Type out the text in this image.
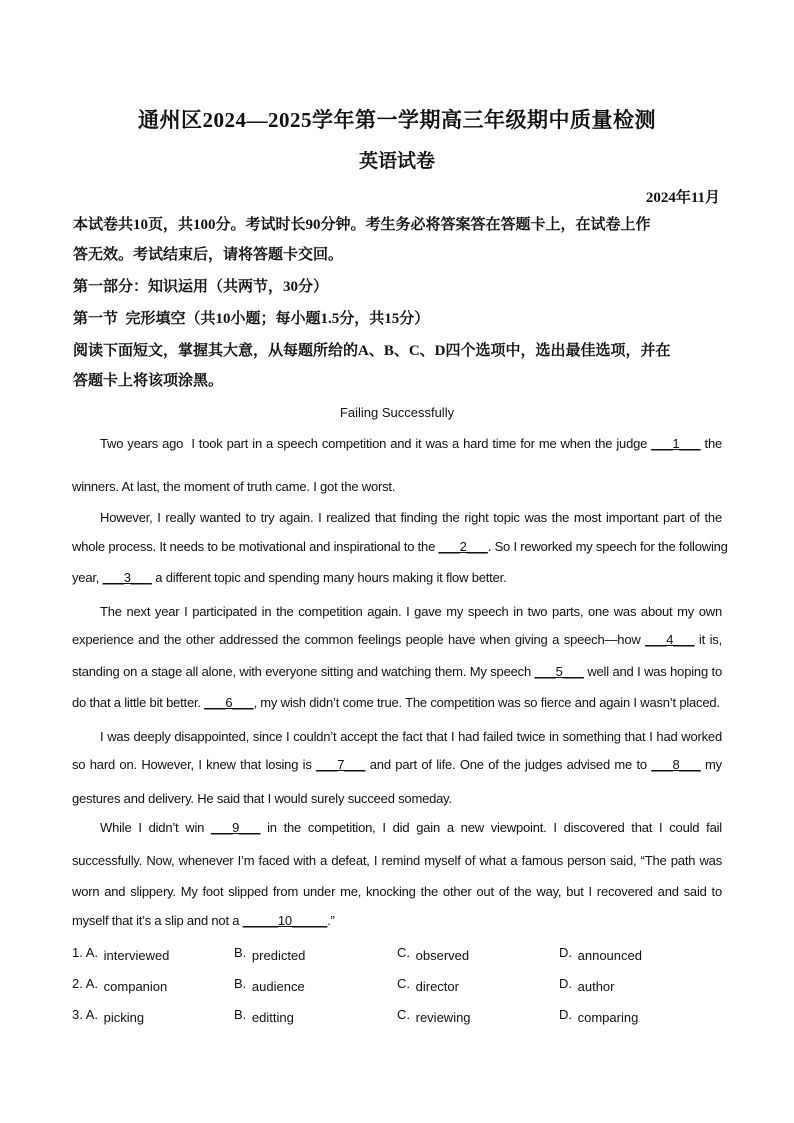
通州区2024—2025学年第一学期高三年级期中质量检测
英语试卷
2024年11月
本试卷共10页，共100分。考试时长90分钟。考生务必将答案答在答题卡上，在试卷上作
答无效。考试结束后，请将答题卡交回。
第一部分：知识运用（共两节，30分）
第一节  完形填空（共10小题；每小题1.5分，共15分）
阅读下面短文，掌握其大意，从每题所给的A、B、C、D四个选项中，选出最佳选项，并在
答题卡上将该项涂黑。
Failing Successfully
Two years ago I took part in a speech competition and it was a hard time for me when the judge ___1___ the
winners. At last, the moment of truth came. I got the worst.
However, I really wanted to try again. I realized that finding the right topic was the most important part of the
whole process. It needs to be motivational and inspirational to the ___2___. So I reworked my speech for the following
year, ___3___ a different topic and spending many hours making it flow better.
The next year I participated in the competition again. I gave my speech in two parts, one was about my own
experience and the other addressed the common feelings people have when giving a speech—how ___4___ it is,
standing on a stage all alone, with everyone sitting and watching them. My speech ___5___ well and I was hoping to
do that a little bit better. ___6___, my wish didn’t come true. The competition was so fierce and again I wasn’t placed.
I was deeply disappointed, since I couldn’t accept the fact that I had failed twice in something that I had worked
so hard on. However, I knew that losing is ___7___ and part of life. One of the judges advised me to ___8___ my
gestures and delivery. He said that I would surely succeed someday.
While I didn’t win ___9___ in the competition, I did gain a new viewpoint. I discovered that I could fail
successfully. Now, whenever I’m faced with a defeat, I remind myself of what a famous person said, “The path was
worn and slippery. My foot slipped from under me, knocking the other out of the way, but I recovered and said to
myself that it’s a slip and not a _____10_____.”
1. A. interviewed	B. predicted	C. observed	D. announced
2. A. companion	B. audience	C. director	D. author
3. A. picking	B. editting	C. reviewing	D. comparing
